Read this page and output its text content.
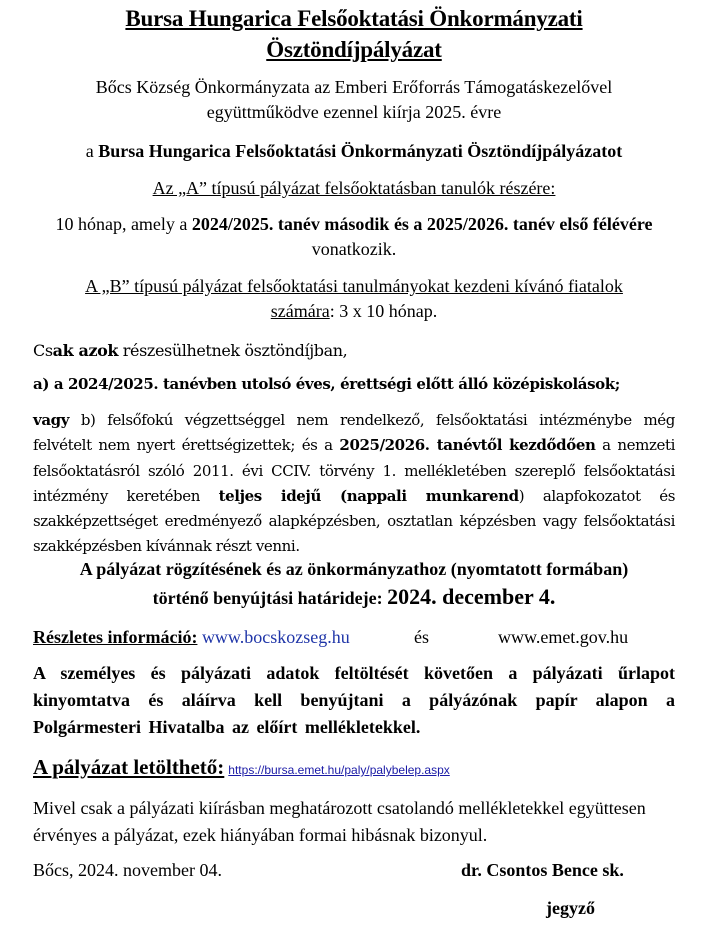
Bursa Hungarica Felsőoktatási Önkormányzati
Ösztöndíjpályázat
Bőcs Község Önkormányzata az Emberi Erőforrás Támogatáskezelővel
együttműködve ezennel kiírja 2025. évre
a Bursa Hungarica Felsőoktatási Önkormányzati Ösztöndíjpályázatot
Az „A” típusú pályázat felsőoktatásban tanulók részére:
10 hónap, amely a 2024/2025. tanév második és a 2025/2026. tanév első félévére
vonatkozik.
A „B” típusú pályázat felsőoktatási tanulmányokat kezdeni kívánó fiatalok
számára: 3 x 10 hónap.
Csak azok részesülhetnek ösztöndíjban,
a) a 2024/2025. tanévben utolsó éves, érettségi előtt álló középiskolások;
vagy b) felsőfokú végzettséggel nem rendelkező, felsőoktatási intézménybe még felvételt nem nyert érettségizettek; és a 2025/2026. tanévtől kezdődően a nemzeti felsőoktatásról szóló 2011. évi CCIV. törvény 1. mellékletében szereplő felsőoktatási intézmény keretében teljes idejű (nappali munkarend) alapfokozatot és szakképzettséget eredményező alapképzésben, osztatlan képzésben vagy felsőoktatási szakképzésben kívánnak részt venni.
A pályázat rögzítésének és az önkormányzathoz (nyomtatott formában)
történő benyújtási határideje: 2024. december 4.
Részletes információ: www.bocskozseg.hu	és	www.emet.gov.hu
A személyes és pályázati adatok feltöltését követően a pályázati űrlapot kinyomtatva és aláírva kell benyújtani a pályázónak papír alapon a Polgármesteri Hivatalba az előírt mellékletekkel.
A pályázat letölthető: https://bursa.emet.hu/paly/palybelep.aspx
Mivel csak a pályázati kiírásban meghatározott csatolandó mellékletekkel együttesen érvényes a pályázat, ezek hiányában formai hibásnak bizonyul.
Bőcs, 2024. november 04.	dr. Csontos Bence sk.
jegyző
